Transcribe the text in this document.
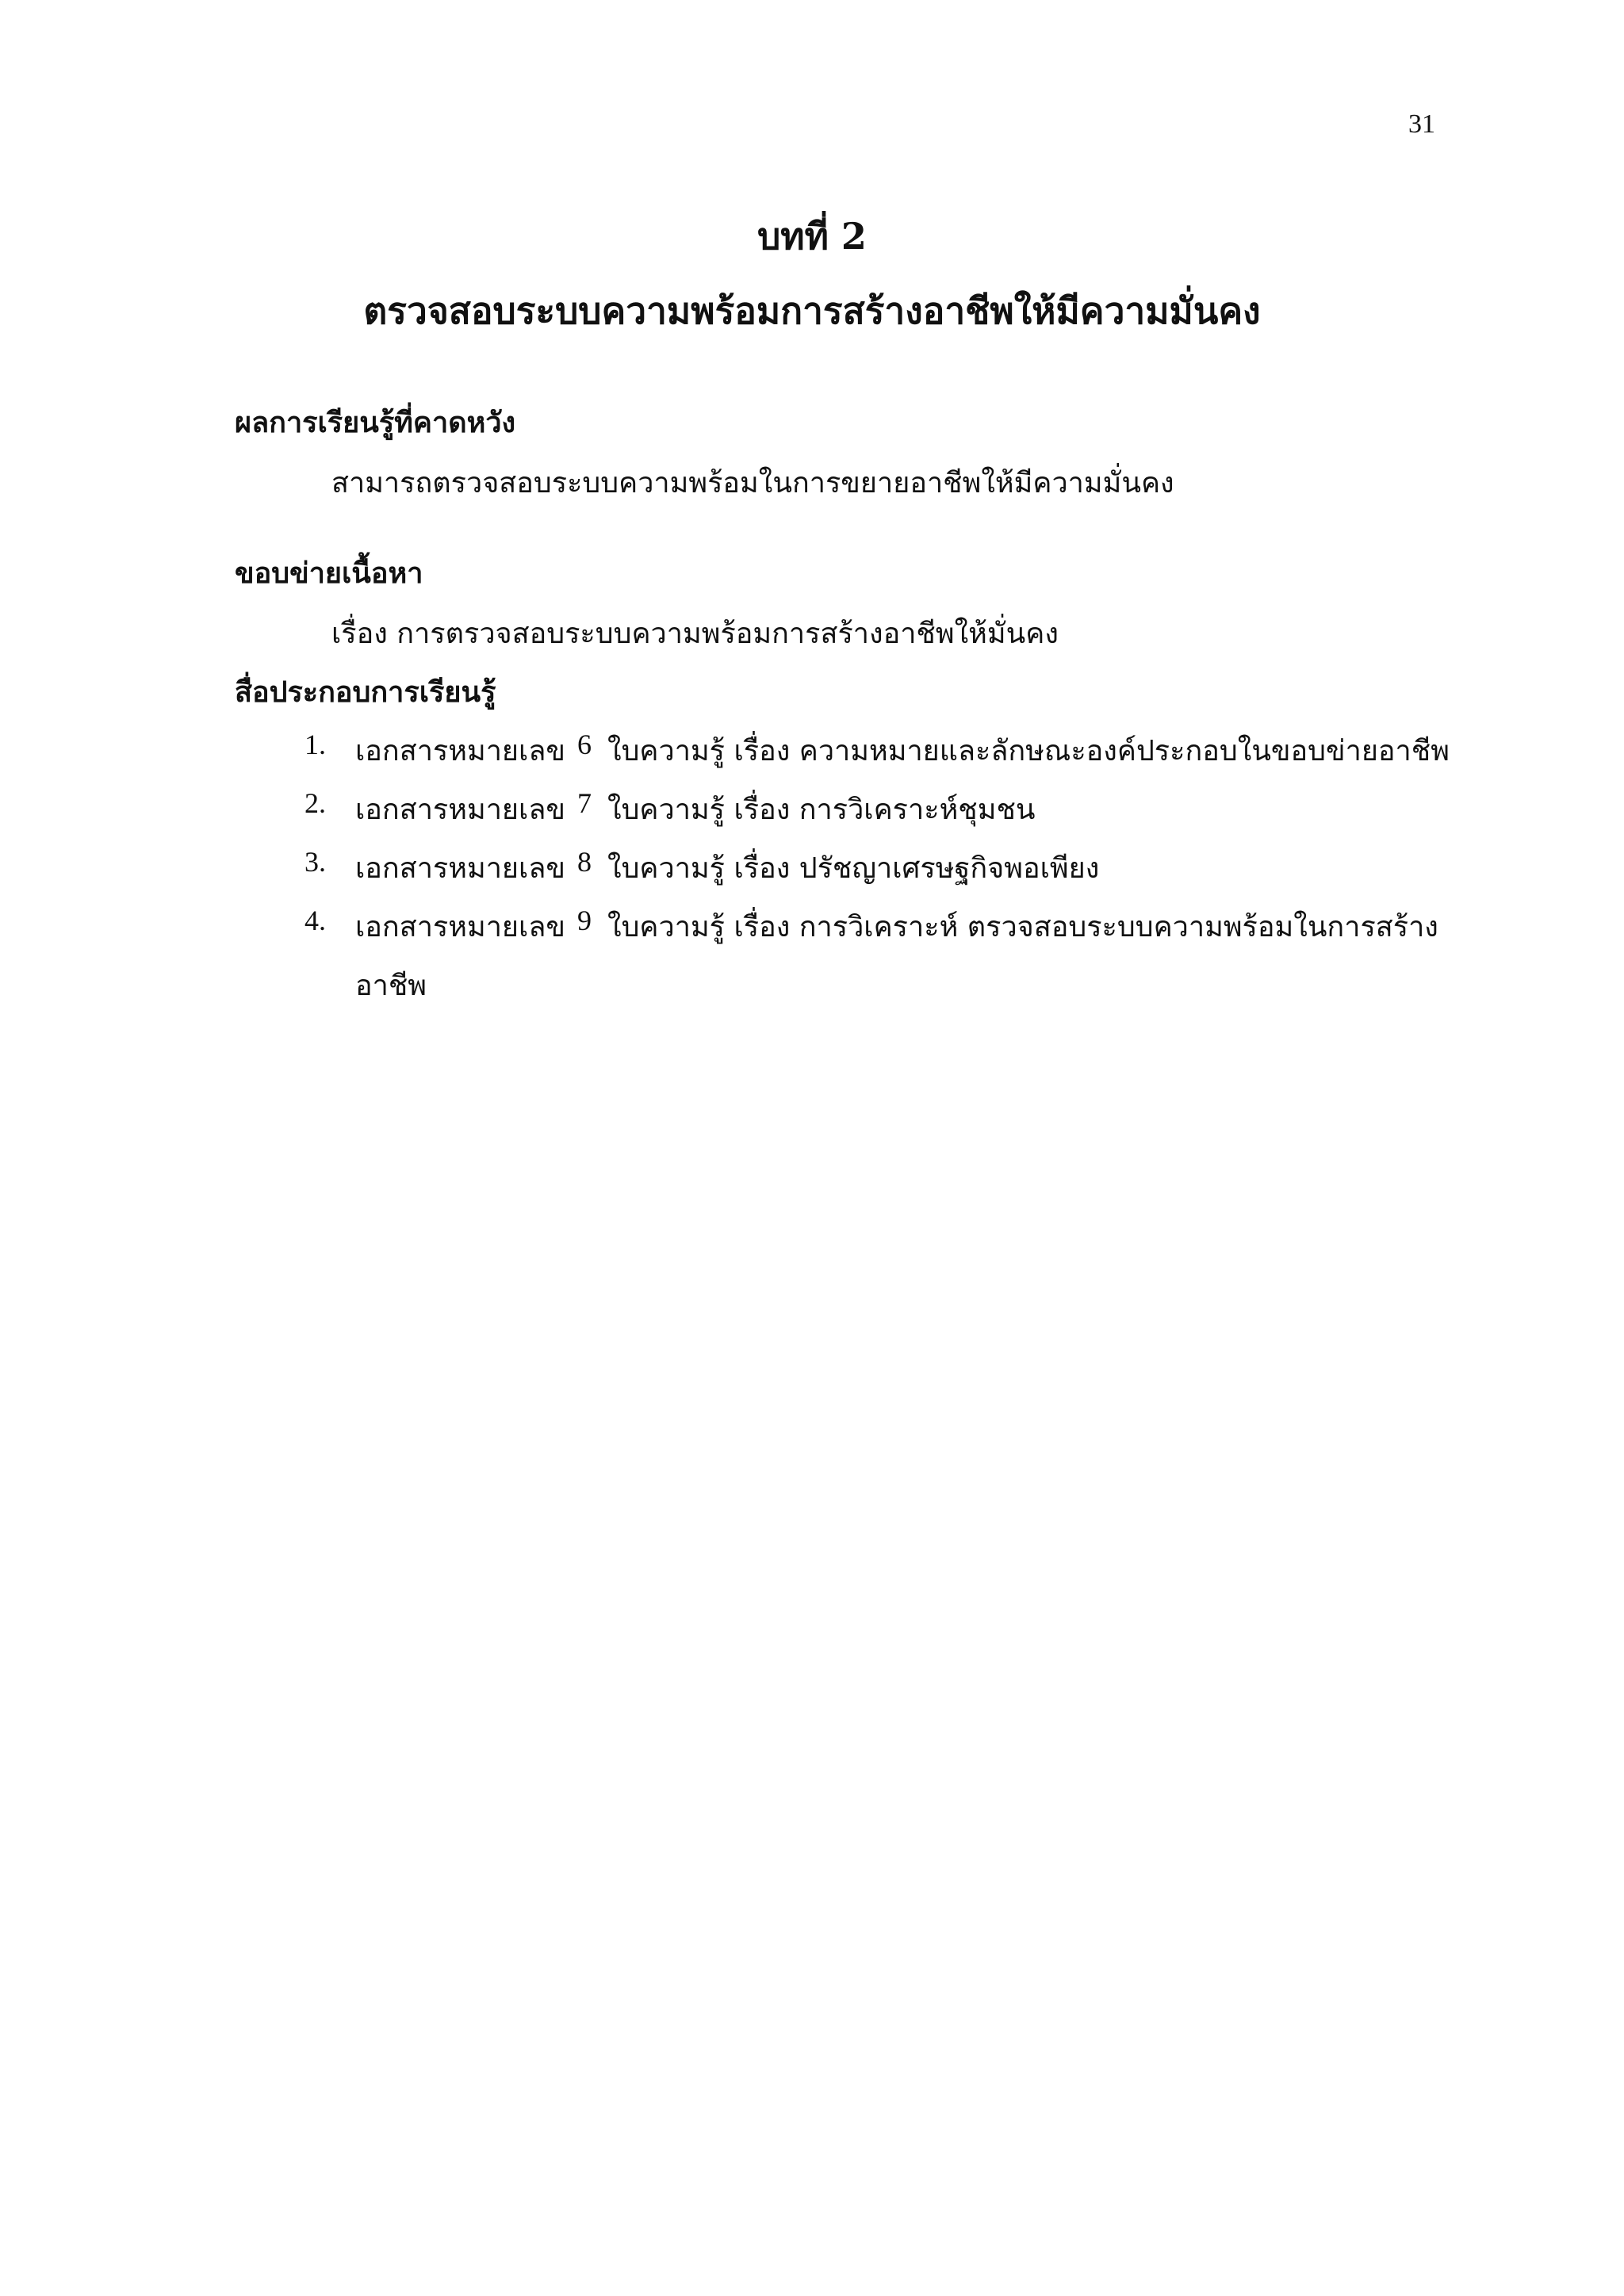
31
บทที่ 2
ตรวจสอบระบบความพร้อมการสร้างอาชีพให้มีความมั่นคง
ผลการเรียนรู้ที่คาดหวัง
สามารถตรวจสอบระบบความพร้อมในการขยายอาชีพให้มีความมั่นคง
ขอบข่ายเนื้อหา
เรื่อง การตรวจสอบระบบความพร้อมการสร้างอาชีพให้มั่นคง
สื่อประกอบการเรียนรู้
1. เอกสารหมายเลข 6 ใบความรู้ เรื่อง ความหมายและลักษณะองค์ประกอบในขอบข่ายอาชีพ
2. เอกสารหมายเลข 7 ใบความรู้ เรื่อง การวิเคราะห์ชุมชน
3. เอกสารหมายเลข 8 ใบความรู้ เรื่อง ปรัชญาเศรษฐกิจพอเพียง
4. เอกสารหมายเลข 9 ใบความรู้ เรื่อง การวิเคราะห์ ตรวจสอบระบบความพร้อมในการสร้าง
อาชีพ
